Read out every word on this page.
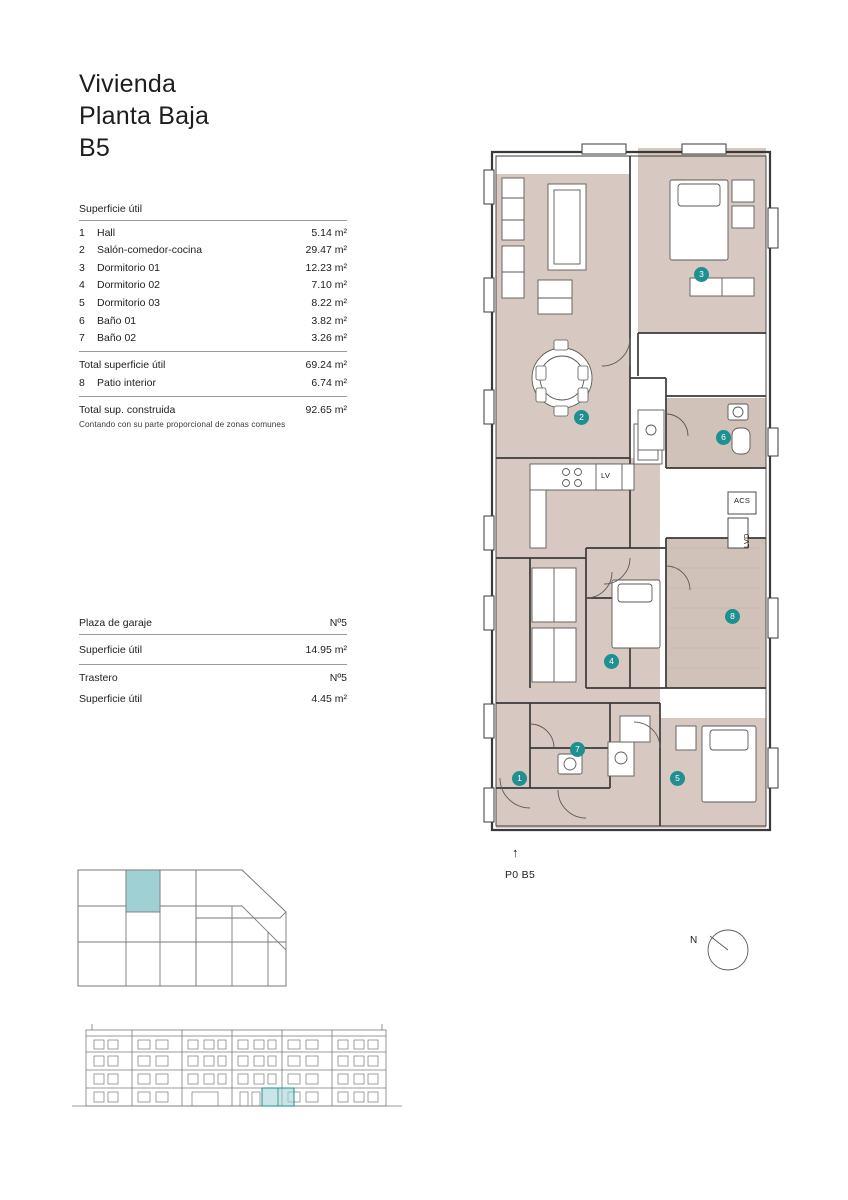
Vivienda
Planta Baja
B5
Superficie útil
1	Hall	5.14 m²
2	Salón-comedor-cocina	29.47 m²
3	Dormitorio 01	12.23 m²
4	Dormitorio 02	7.10 m²
5	Dormitorio 03	8.22 m²
6	Baño 01	3.82 m²
7	Baño 02	3.26 m²
Total superficie útil	69.24 m²
8	Patio interior	6.74 m²
Total sup. construida	92.65 m²
Contando con su parte proporcional de zonas comunes
Plaza de garaje	Nº5
Superficie útil	14.95 m²
Trastero	Nº5
Superficie útil	4.45 m²
1
2
3
4
5
6
7
8
ACS
LVD
LV
↑
P0 B5
N
